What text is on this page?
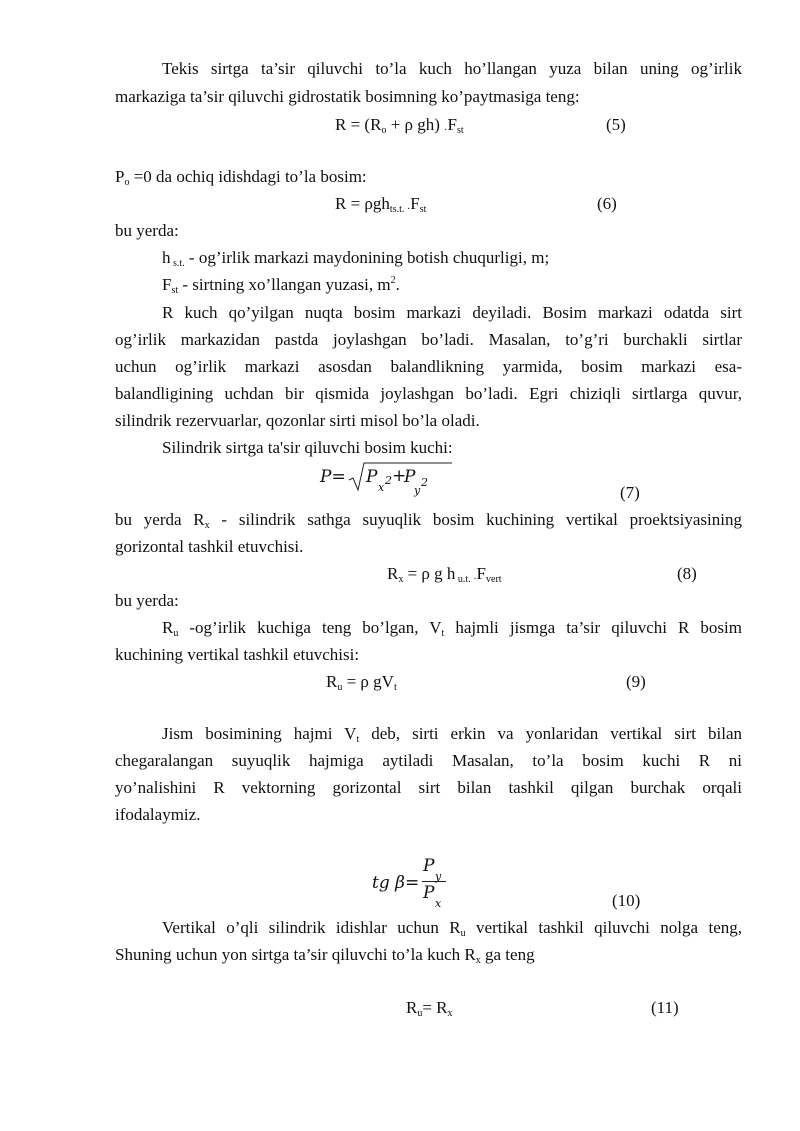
Tekis sirtga ta’sir qiluvchi to’la kuch ho’llangan yuza bilan uning og’irlik
markaziga ta’sir qiluvchi gidrostatik bosimning ko’paytmasiga teng:
$R = (R_o + \rho$ gh) $_\cdot F_{st}$	(5)
$P_o =0$ da ochiq idishdagi to’la bosim:
R = ρgh$_{ts.t.}$ $_\cdot F_{st}$	(6)
bu yerda:
h $_{s.t.}$ - og’irlik markazi maydonining botish chuqurligi, m;
$F_{st}$ - sirtning xo’llangan yuzasi, $m^2$.
R kuch qo’yilgan nuqta bosim markazi deyiladi. Bosim markazi odatda sirt
og’irlik markazidan pastda joylashgan bo’ladi. Masalan, to’g’ri burchakli sirtlar
uchun og’irlik markazi asosdan balandlikning yarmida, bosim markazi esa-
balandligining uchdan bir qismida joylashgan bo’ladi. Egri chiziqli sirtlarga quvur,
silindrik rezervuarlar, qozonlar sirti misol bo’la oladi.
Silindrik sirtga ta'sir qiluvchi bosim kuchi:
P= P
x
2 +
P
y
2
(7)
bu yerda $R_x$ - silindrik sathga suyuqlik bosim kuchining vertikal proektsiyasining
gorizontal tashkil etuvchisi.
$R_x = \rho$ g h $_{u.t.}$ $_\cdot F_{vert}$	(8)
bu yerda:
$R_u$ -og’irlik kuchiga teng bo’lgan, $V_t$ hajmli jismga ta’sir qiluvchi R bosim
kuchining vertikal tashkil etuvchisi:
$R_u = \rho$ $gV_t$	(9)
Jism bosimining hajmi $V_t$ deb, sirti erkin va yonlaridan vertikal sirt bilan
chegaralangan suyuqlik hajmiga aytiladi Masalan, to’la bosim kuchi R ni
yo’nalishini R vektorning gorizontal sirt bilan tashkil qilgan burchak orqali
ifodalaymiz.
tg β=
P
y
P
x	(10)
Vertikal o’qli silindrik idishlar uchun $R_u$ vertikal tashkil qiluvchi nolga teng,
Shuning uchun yon sirtga ta’sir qiluvchi to’la kuch $R_x$ ga teng
$R_u= R_x$	(11)
